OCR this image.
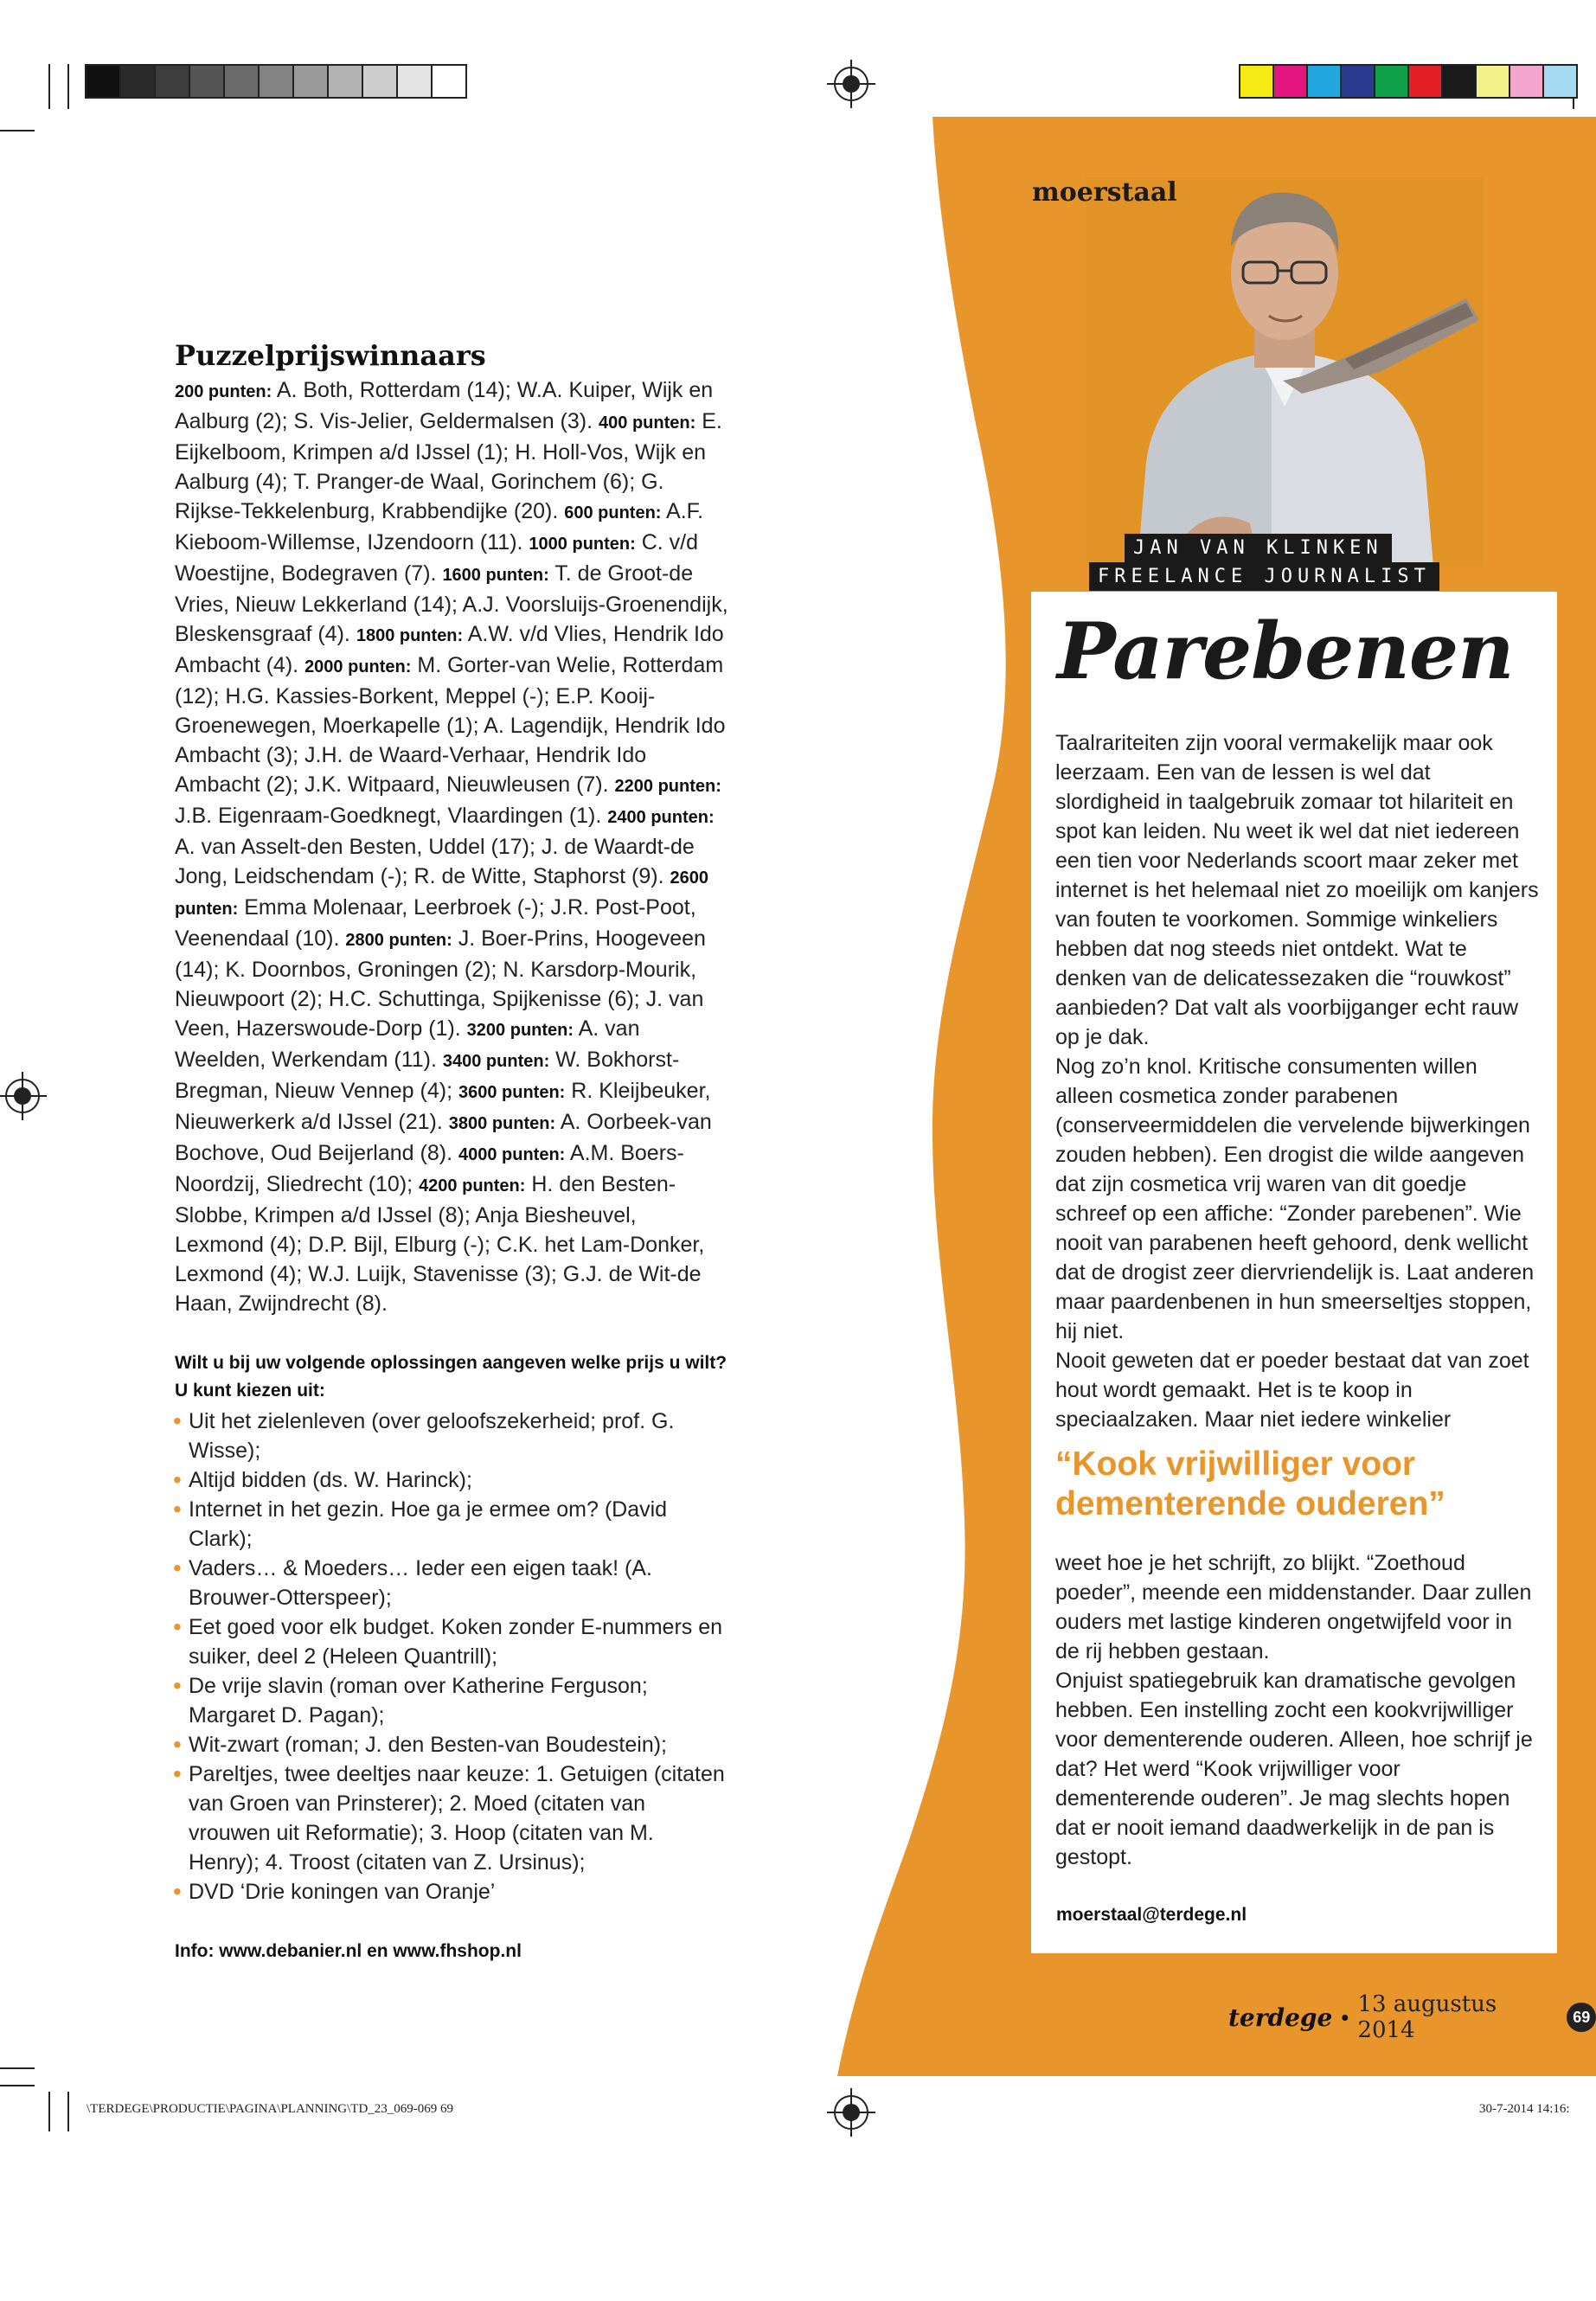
Puzzelprijswinnaars

200 punten: A. Both, Rotterdam (14); W.A. Kuiper, Wijk en Aalburg (2); S. Vis-Jelier, Geldermalsen (3). 400 punten: E. Eijkelboom, Krimpen a/d IJssel (1); H. Holl-Vos, Wijk en Aalburg (4); T. Pranger-de Waal, Gorinchem (6); G. Rijkse-Tekkelenburg, Krabbendijke (20). 600 punten: A.F. Kieboom-Willemse, IJzendoorn (11). 1000 punten: C. v/d Woestijne, Bodegraven (7). 1600 punten: T. de Groot-de Vries, Nieuw Lekkerland (14); A.J. Voorsluijs-Groenendijk, Bleskensgraaf (4). 1800 punten: A.W. v/d Vlies, Hendrik Ido Ambacht (4). 2000 punten: M. Gorter-van Welie, Rotterdam (12); H.G. Kassies-Borkent, Meppel (-); E.P. Kooij-Groenewegen, Moerkapelle (1); A. Lagendijk, Hendrik Ido Ambacht (3); J.H. de Waard-Verhaar, Hendrik Ido Ambacht (2); J.K. Witpaard, Nieuwleusen (7). 2200 punten: J.B. Eigenraam-Goedknegt, Vlaardingen (1). 2400 punten: A. van Asselt-den Besten, Uddel (17); J. de Waardt-de Jong, Leidschendam (-); R. de Witte, Staphorst (9). 2600 punten: Emma Molenaar, Leerbroek (-); J.R. Post-Poot, Veenendaal (10). 2800 punten: J. Boer-Prins, Hoogeveen (14); K. Doornbos, Groningen (2); N. Karsdorp-Mourik, Nieuwpoort (2); H.C. Schuttinga, Spijkenisse (6); J. van Veen, Hazerswoude-Dorp (1). 3200 punten: A. van Weelden, Werkendam (11). 3400 punten: W. Bokhorst-Bregman, Nieuw Vennep (4); 3600 punten: R. Kleijbeuker, Nieuwerkerk a/d IJssel (21). 3800 punten: A. Oorbeek-van Bochove, Oud Beijerland (8). 4000 punten: A.M. Boers-Noordzij, Sliedrecht (10); 4200 punten: H. den Besten-Slobbe, Krimpen a/d IJssel (8); Anja Biesheuvel, Lexmond (4); D.P. Bijl, Elburg (-); C.K. het Lam-Donker, Lexmond (4); W.J. Luijk, Stavenisse (3); G.J. de Wit-de Haan, Zwijndrecht (8).

Wilt u bij uw volgende oplossingen aangeven welke prijs u wilt? U kunt kiezen uit:

• Uit het zielenleven (over geloofszekerheid; prof. G. Wisse);
• Altijd bidden (ds. W. Harinck);
• Internet in het gezin. Hoe ga je ermee om? (David Clark);
• Vaders… & Moeders… Ieder een eigen taak! (A. Brouwer-Otterspeer);
• Eet goed voor elk budget. Koken zonder E-nummers en suiker, deel 2 (Heleen Quantrill);
• De vrije slavin (roman over Katherine Ferguson; Margaret D. Pagan);
• Wit-zwart (roman; J. den Besten-van Boudestein);
• Pareltjes, twee deeltjes naar keuze: 1. Getuigen (citaten van Groen van Prinsterer); 2. Moed (citaten van vrouwen uit Reformatie); 3. Hoop (citaten van M. Henry); 4. Troost (citaten van Z. Ursinus);
• DVD ‘Drie koningen van Oranje’

Info: www.debanier.nl en www.fhshop.nl

moerstaal
JAN VAN KLINKEN
FREELANCE JOURNALIST
Parebenen
Taalrariteiten zijn vooral vermakelijk maar ook leerzaam. Een van de lessen is wel dat slordigheid in taalgebruik zomaar tot hilariteit en spot kan leiden. Nu weet ik wel dat niet iedereen een tien voor Nederlands scoort maar zeker met internet is het helemaal niet zo moeilijk om kanjers van fouten te voorkomen. Sommige winkeliers hebben dat nog steeds niet ontdekt. Wat te denken van de delicatessezaken die “rouwkost” aanbieden? Dat valt als voorbijganger echt rauw op je dak.
Nog zo’n knol. Kritische consumenten willen alleen cosmetica zonder parabenen (conserveermiddelen die vervelende bijwerkingen zouden hebben). Een drogist die wilde aangeven dat zijn cosmetica vrij waren van dit goedje schreef op een affiche: “Zonder parebenen”. Wie nooit van parabenen heeft gehoord, denk wellicht dat de drogist zeer diervriendelijk is. Laat anderen maar paardenbenen in hun smeerseltjes stoppen, hij niet.
Nooit geweten dat er poeder bestaat dat van zoet hout wordt gemaakt. Het is te koop in speciaalzaken. Maar niet iedere winkelier

“Kook vrijwilliger voor dementerende ouderen”

weet hoe je het schrijft, zo blijkt. “Zoethoud poeder”, meende een middenstander. Daar zullen ouders met lastige kinderen ongetwijfeld voor in de rij hebben gestaan.
Onjuist spatiegebruik kan dramatische gevolgen hebben. Een instelling zocht een kookvrijwilliger voor dementerende ouderen. Alleen, hoe schrijf je dat? Het werd “Kook vrijwilliger voor dementerende ouderen”. Je mag slechts hopen dat er nooit iemand daadwerkelijk in de pan is gestopt.
moerstaal@terdege.nl
terdege • 13 augustus 2014
69
\TERDEGE\PRODUCTIE\PAGINA\PLANNING\TD_23_069-069 69	30-7-2014 14:16:
